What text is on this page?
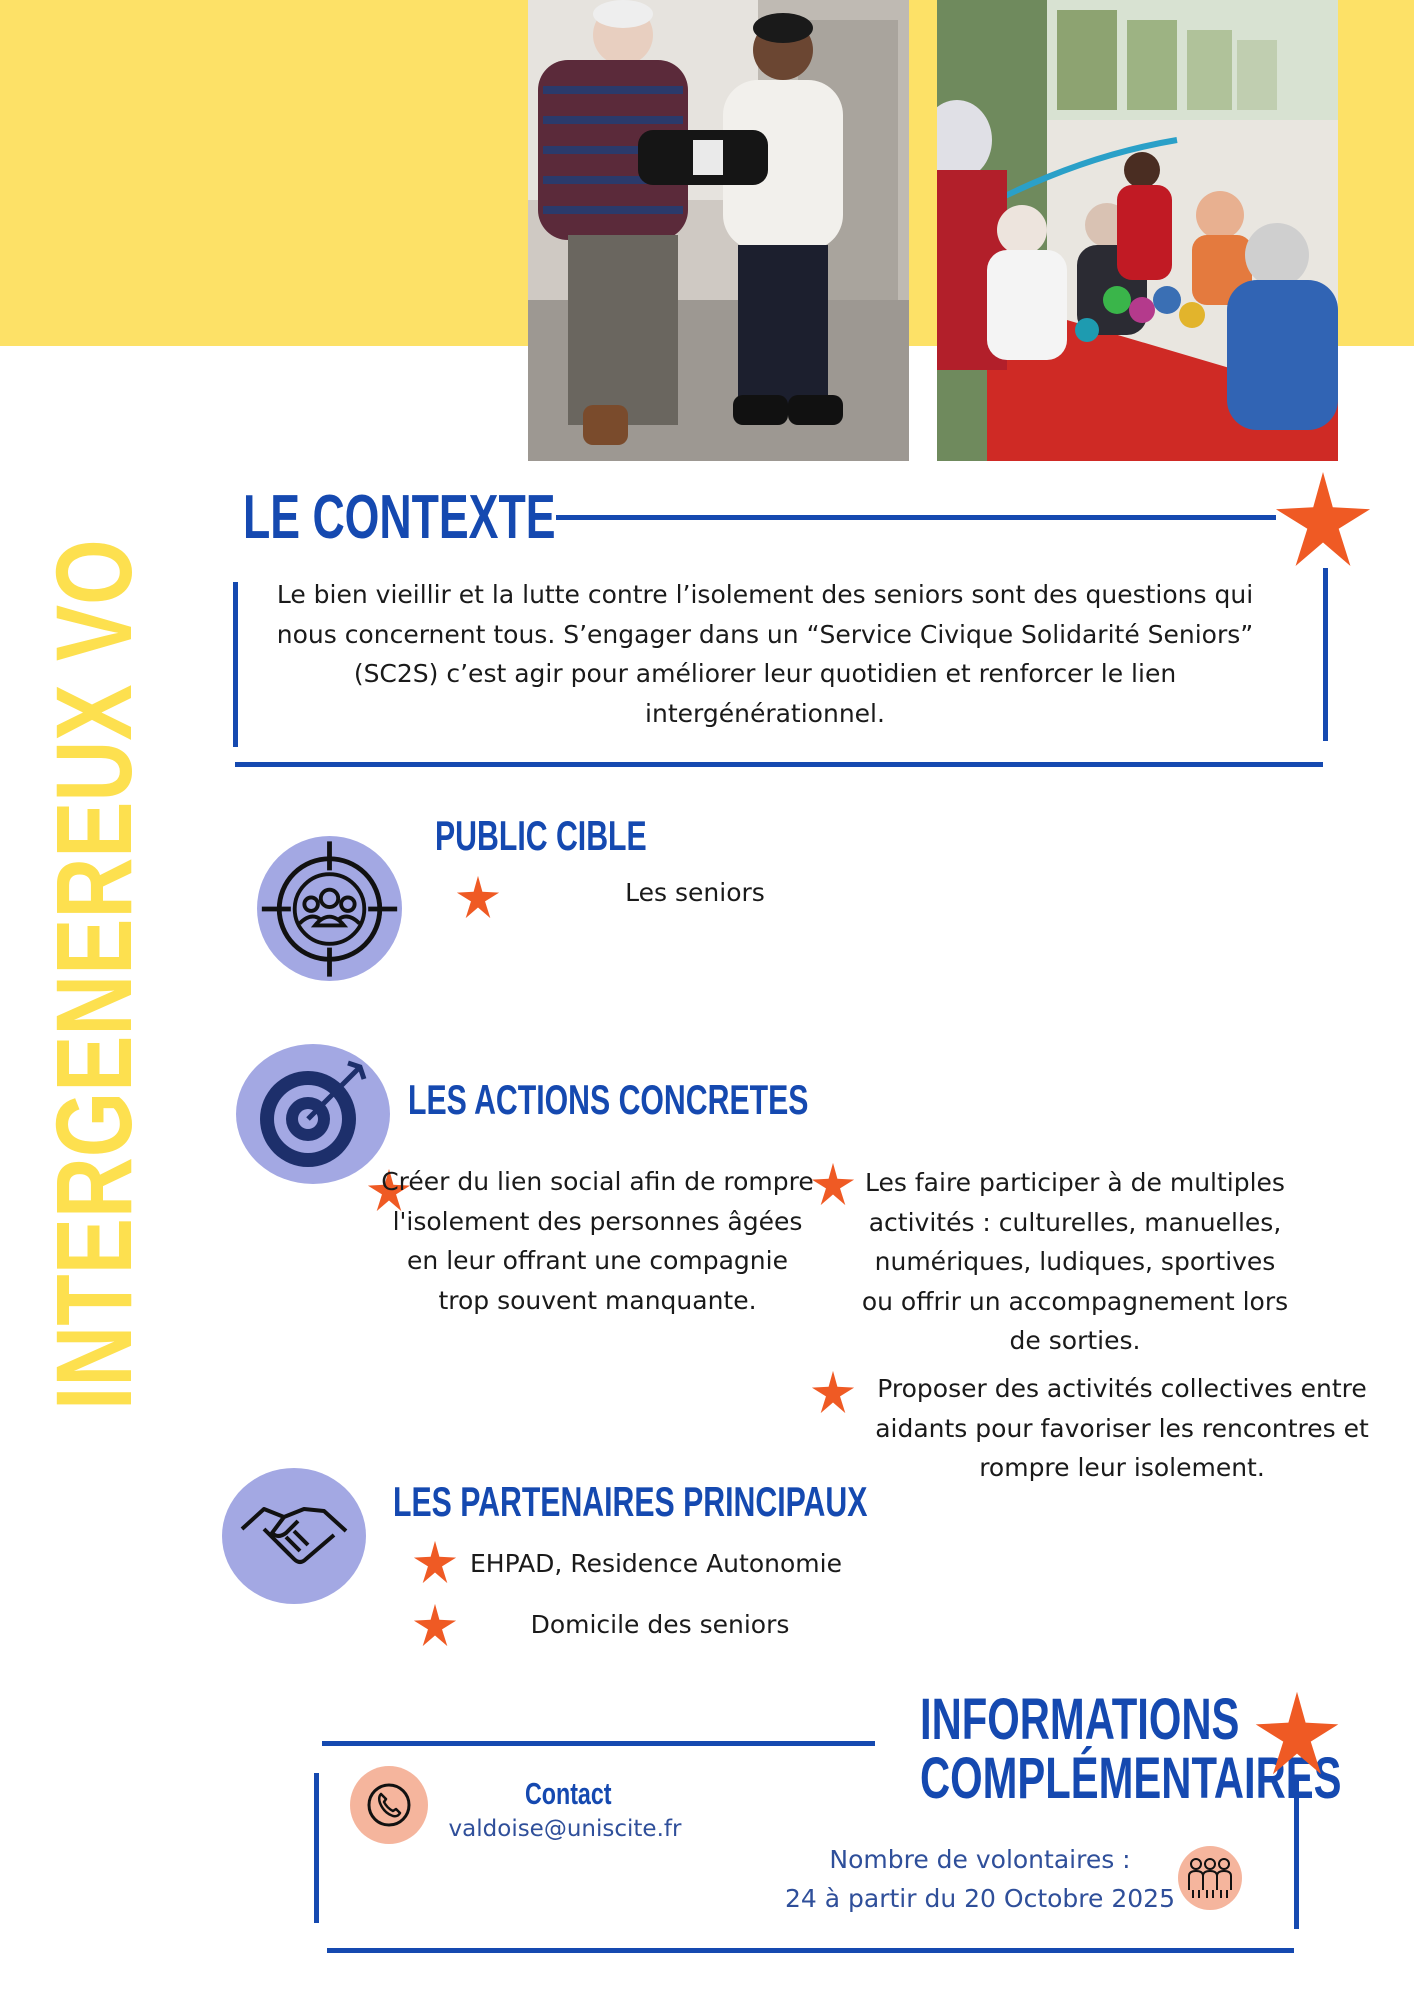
INTERGENEREUX VO
LE CONTEXTE
Le bien vieillir et la lutte contre l’isolement des seniors sont des questions qui nous concernent tous. S’engager dans un “Service Civique Solidarité Seniors” (SC2S) c’est agir pour améliorer leur quotidien et renforcer le lien intergénérationnel.
PUBLIC CIBLE
Les seniors
LES ACTIONS CONCRETES
Créer du lien social afin de rompre l'isolement des personnes âgées en leur offrant une compagnie trop souvent manquante.
Les faire participer à de multiples activités : culturelles, manuelles, numériques, ludiques, sportives ou offrir un accompagnement lors de sorties.
Proposer des activités collectives entre aidants pour favoriser les rencontres et rompre leur isolement.
LES PARTENAIRES PRINCIPAUX
EHPAD, Residence Autonomie
Domicile des seniors
INFORMATIONS
COMPLÉMENTAIRES
Contact
valdoise@uniscite.fr
Nombre de volontaires :
24 à partir du 20 Octobre 2025
